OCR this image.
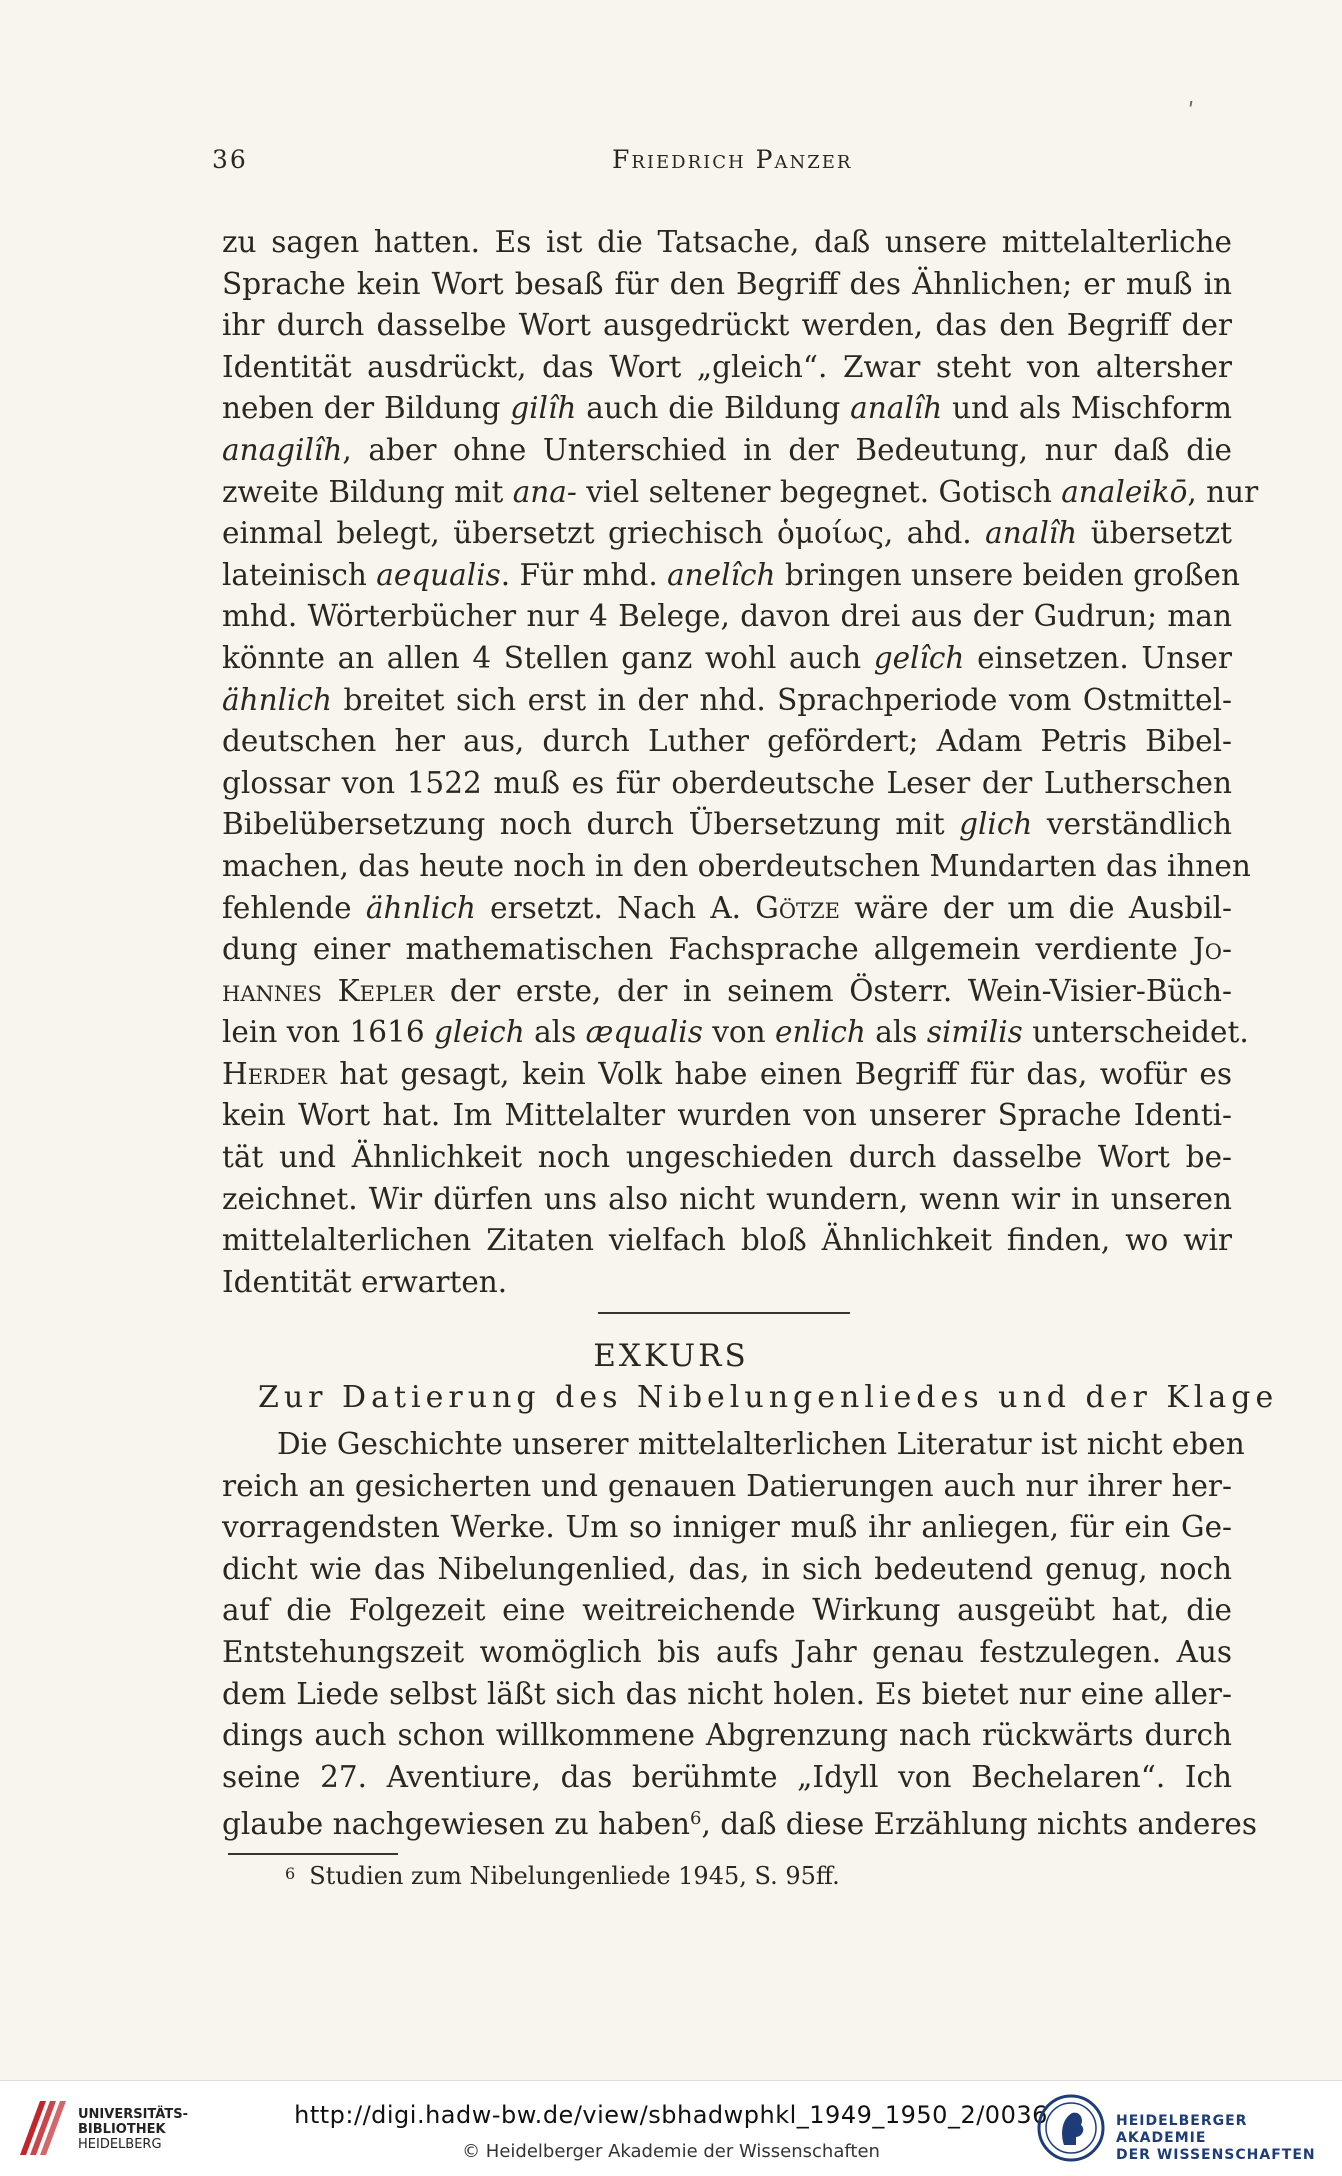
ʹ
36	Friedrich Panzer
zu sagen hatten. Es ist die Tatsache, daß unsere mittelalterliche
Sprache kein Wort besaß für den Begriff des Ähnlichen; er muß in
ihr durch dasselbe Wort ausgedrückt werden, das den Begriff der
Identität ausdrückt, das Wort „gleich“. Zwar steht von altersher
neben der Bildung gilîh auch die Bildung analîh und als Mischform
anagilîh, aber ohne Unterschied in der Bedeutung, nur daß die
zweite Bildung mit ana- viel seltener begegnet. Gotisch analeikō, nur
einmal belegt, übersetzt griechisch ὁμοίως, ahd. analîh übersetzt
lateinisch aequalis. Für mhd. anelîch bringen unsere beiden großen
mhd. Wörterbücher nur 4 Belege, davon drei aus der Gudrun; man
könnte an allen 4 Stellen ganz wohl auch gelîch einsetzen. Unser
ähnlich breitet sich erst in der nhd. Sprachperiode vom Ostmittel-
deutschen her aus, durch Luther gefördert; Adam Petris Bibel-
glossar von 1522 muß es für oberdeutsche Leser der Lutherschen
Bibelübersetzung noch durch Übersetzung mit glich verständlich
machen, das heute noch in den oberdeutschen Mundarten das ihnen
fehlende ähnlich ersetzt. Nach A. Götze wäre der um die Ausbil-
dung einer mathematischen Fachsprache allgemein verdiente Jo-
hannes Kepler der erste, der in seinem Österr. Wein-Visier-Büch-
lein von 1616 gleich als æqualis von enlich als similis unterscheidet.
Herder hat gesagt, kein Volk habe einen Begriff für das, wofür es
kein Wort hat. Im Mittelalter wurden von unserer Sprache Identi-
tät und Ähnlichkeit noch ungeschieden durch dasselbe Wort be-
zeichnet. Wir dürfen uns also nicht wundern, wenn wir in unseren
mittelalterlichen Zitaten vielfach bloß Ähnlichkeit finden, wo wir
Identität erwarten.
EXKURS
Zur Datierung des Nibelungenliedes und der Klage
Die Geschichte unserer mittelalterlichen Literatur ist nicht eben
reich an gesicherten und genauen Datierungen auch nur ihrer her-
vorragendsten Werke. Um so inniger muß ihr anliegen, für ein Ge-
dicht wie das Nibelungenlied, das, in sich bedeutend genug, noch
auf die Folgezeit eine weitreichende Wirkung ausgeübt hat, die
Entstehungszeit womöglich bis aufs Jahr genau festzulegen. Aus
dem Liede selbst läßt sich das nicht holen. Es bietet nur eine aller-
dings auch schon willkommene Abgrenzung nach rückwärts durch
seine 27. Aventiure, das berühmte „Idyll von Bechelaren“. Ich
glaube nachgewiesen zu haben$^6$, daß diese Erzählung nichts anderes
$^6$ Studien zum Nibelungenliede 1945, S. 95ff.
UNIVERSITÄTS-
BIBLIOTHEK
HEIDELBERG
http://digi.hadw-bw.de/view/sbhadwphkl_1949_1950_2/0036
© Heidelberger Akademie der Wissenschaften
HEIDELBERGER AKADEMIE
DER WISSENSCHAFTEN
